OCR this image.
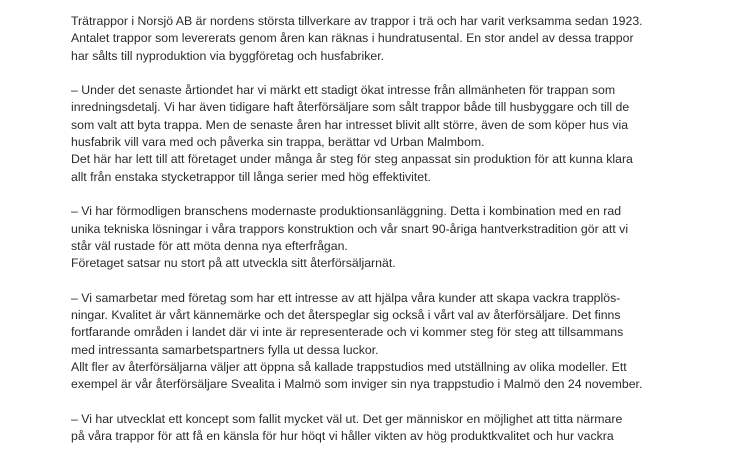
Trätrappor i Norsjö AB är nordens största tillverkare av trappor i trä och har varit verksamma sedan 1923.
Antalet trappor som levererats genom åren kan räknas i hundratusental. En stor andel av dessa trappor
har sålts till nyproduktion via byggföretag och husfabriker.

– Under det senaste årtiondet har vi märkt ett stadigt ökat intresse från allmänheten för trappan som
inredningsdetalj. Vi har även tidigare haft återförsäljare som sålt trappor både till husbyggare och till de
som valt att byta trappa. Men de senaste åren har intresset blivit allt större, även de som köper hus via
husfabrik vill vara med och påverka sin trappa, berättar vd Urban Malmbom.
Det här har lett till att företaget under många år steg för steg anpassat sin produktion för att kunna klara
allt från enstaka stycketrappor till långa serier med hög effektivitet.

– Vi har förmodligen branschens modernaste produktionsanläggning. Detta i kombination med en rad
unika tekniska lösningar i våra trappors konstruktion och vår snart 90-åriga hantverkstradition gör att vi
står väl rustade för att möta denna nya efterfrågan.
Företaget satsar nu stort på att utveckla sitt återförsäljarnät.

– Vi samarbetar med företag som har ett intresse av att hjälpa våra kunder att skapa vackra trapplös-
ningar. Kvalitet är vårt kännemärke och det återspeglar sig också i vårt val av återförsäljare. Det finns
fortfarande områden i landet där vi inte är representerade och vi kommer steg för steg att tillsammans
med intressanta samarbetspartners fylla ut dessa luckor.
Allt fler av återförsäljarna väljer att öppna så kallade trappstudios med utställning av olika modeller. Ett
exempel är vår återförsäljare Svealita i Malmö som inviger sin nya trappstudio i Malmö den 24 november.

– Vi har utvecklat ett koncept som fallit mycket väl ut. Det ger människor en möjlighet att titta närmare
på våra trappor för att få en känsla för hur höqt vi håller vikten av hög produktkvalitet och hur vackra
